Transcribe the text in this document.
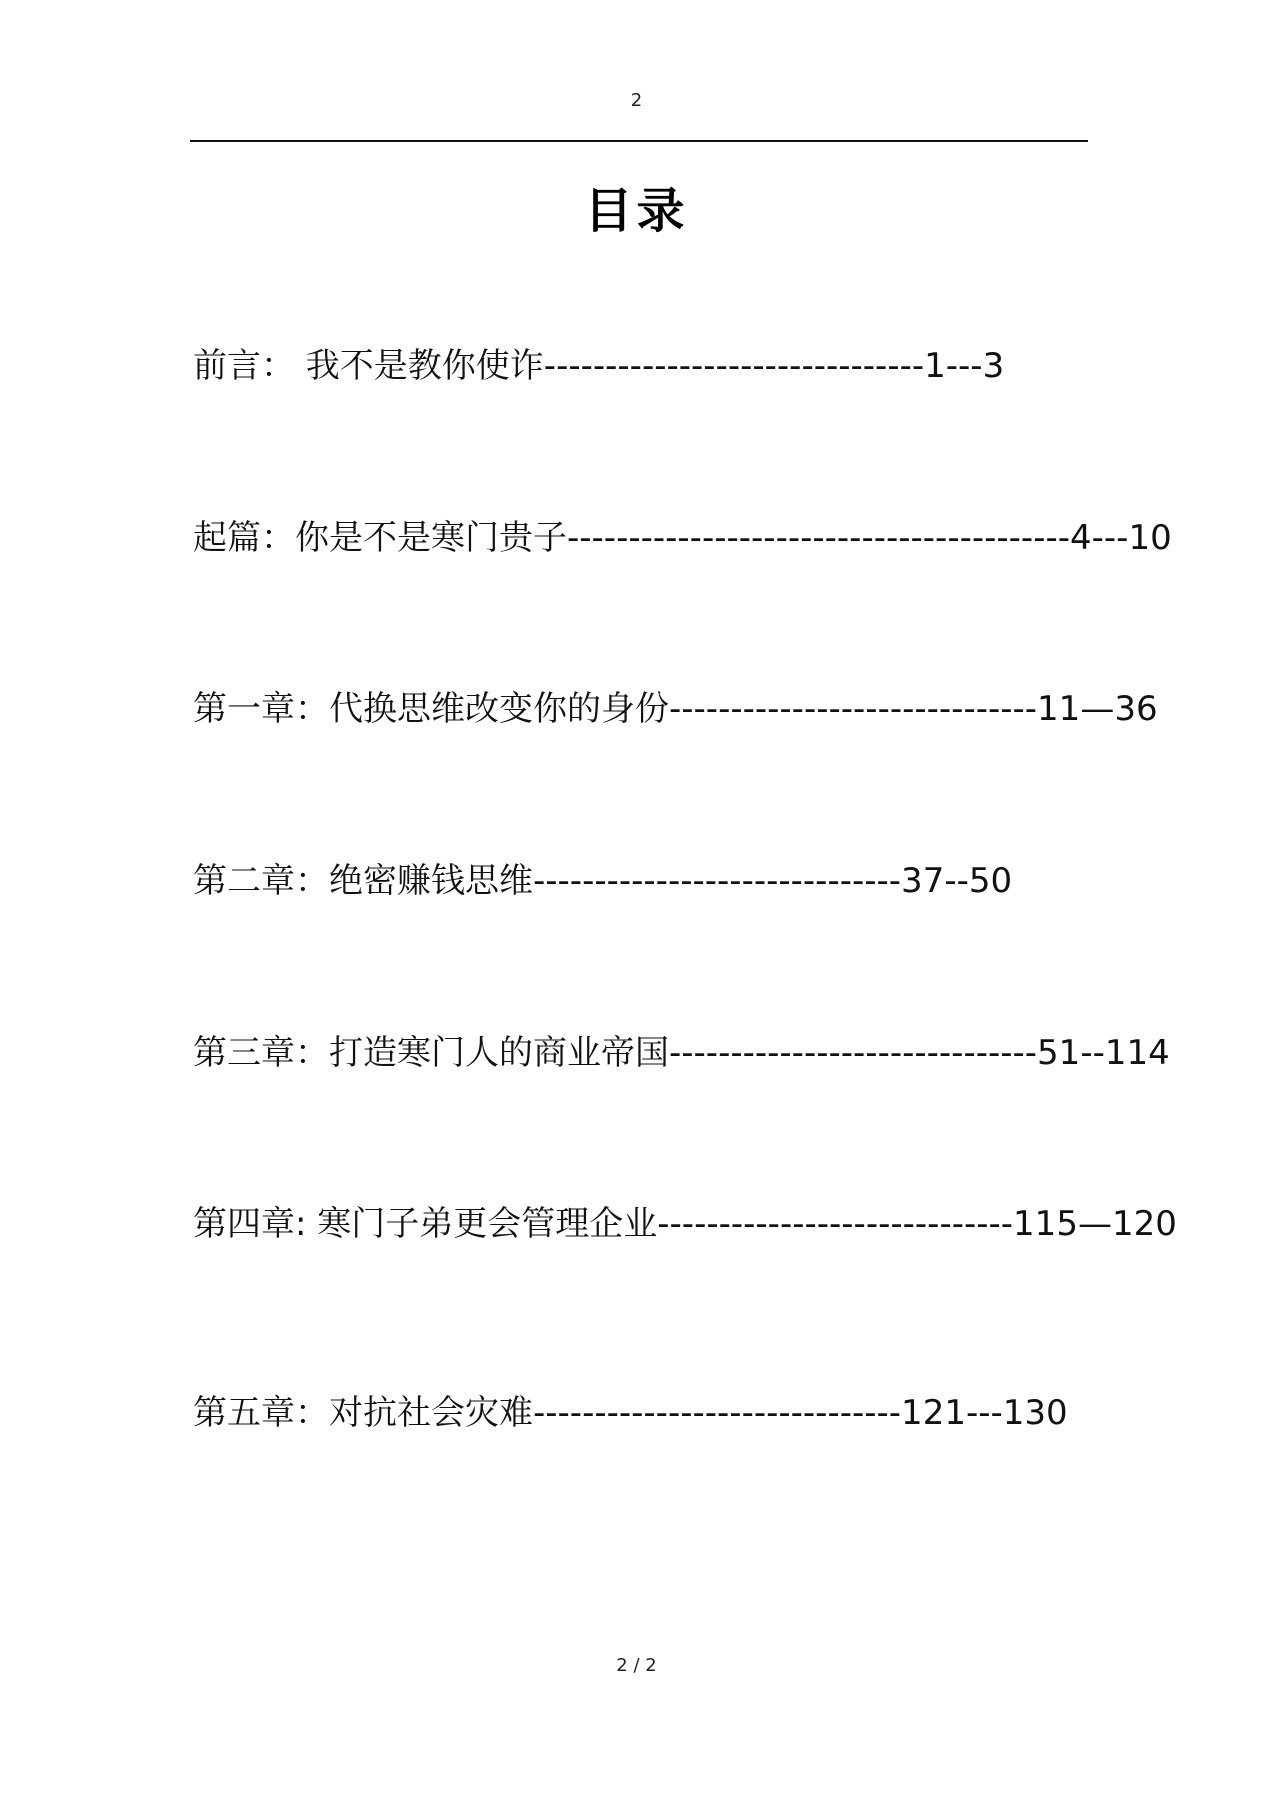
2
目录
前言： 我不是教你使诈-------------------------------1---3
起篇：你是不是寒门贵子-----------------------------------------4---10
第一章：代换思维改变你的身份------------------------------11—36
第二章：绝密赚钱思维------------------------------37--50
第三章：打造寒门人的商业帝国------------------------------51--114
第四章: 寒门子弟更会管理企业-----------------------------115—120
第五章：对抗社会灾难------------------------------121---130
2 / 2
